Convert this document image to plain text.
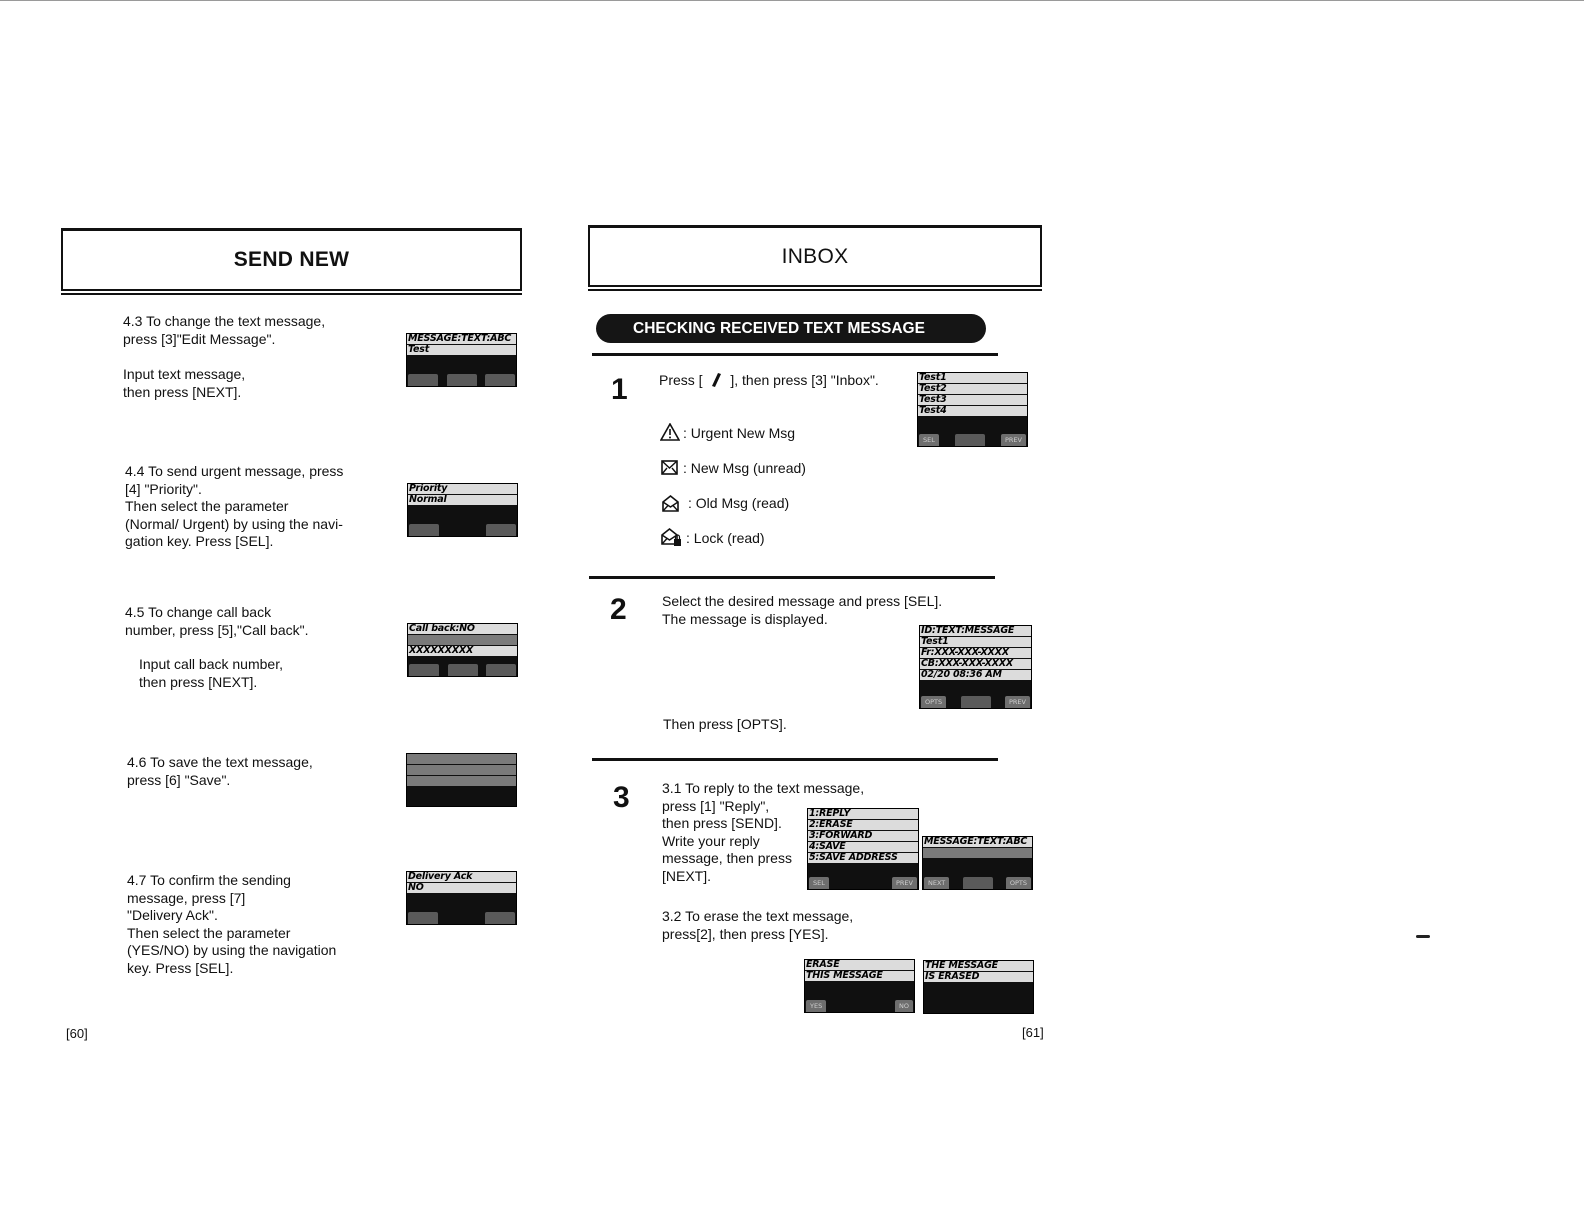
SEND NEW
4.3 To change the text message,
press [3]"Edit Message".
Input text message,
then press [NEXT].
MESSAGE:TEXT:ABC
Test
4.4 To send urgent message, press
[4] "Priority".
Then select the parameter
(Normal/ Urgent) by using the navi-
gation key. Press [SEL].
Priority
Normal
4.5 To change call back
number, press [5],"Call back".
Input call back number,
then press [NEXT].
Call back:NO

XXXXXXXXX
4.6 To save the text message,
press [6] "Save".

4.7 To confirm the sending
message, press [7]
"Delivery Ack".
Then select the parameter
(YES/NO) by using the navigation
key. Press [SEL].
Delivery Ack
NO
[60]
INBOX
CHECKING RECEIVED TEXT MESSAGE
1 Press [ ], then press [3] "Inbox".	Test1
Test2
Test3
Test4
SEL	PREV
: Urgent New Msg
: New Msg (unread)
: Old Msg (read)
: Lock (read)
2	Select the desired message and press [SEL].
The message is displayed.
ID:TEXT:MESSAGE
Test1
Fr:XXX-XXX-XXXX
CB:XXX-XXX-XXXX
02/20 08:36 AM
OPTS	PREV
Then press [OPTS].
3 3.1 To reply to the text message,
press [1] "Reply",
then press [SEND].
Write your reply
message, then press
[NEXT].
1:REPLY
2:ERASE
3:FORWARD
4:SAVE
5:SAVE ADDRESS
SEL	PREV
MESSAGE:TEXT:ABC

NEXT	OPTS
3.2 To erase the text message,
press[2], then press [YES].
ERASE
THIS MESSAGE
YES	NO
THE MESSAGE
IS ERASED
[61]
